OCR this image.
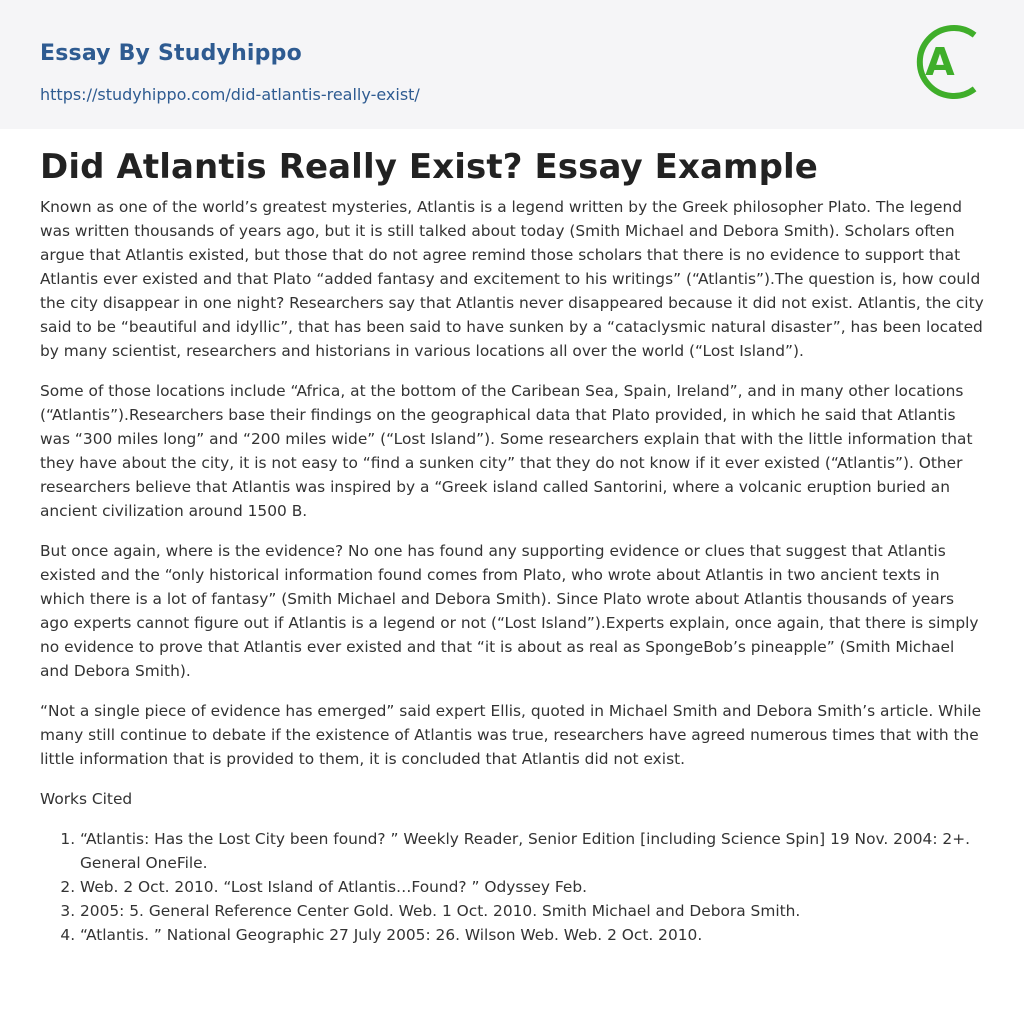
Essay By Studyhippo
https://studyhippo.com/did-atlantis-really-exist/
A
Did Atlantis Really Exist? Essay Example

Known as one of the world’s greatest mysteries, Atlantis is a legend written by the Greek philosopher Plato. The legend was written thousands of years ago, but it is still talked about today (Smith Michael and Debora Smith). Scholars often argue that Atlantis existed, but those that do not agree remind those scholars that there is no evidence to support that Atlantis ever existed and that Plato “added fantasy and excitement to his writings” (“Atlantis”).The question is, how could the city disappear in one night? Researchers say that Atlantis never disappeared because it did not exist. Atlantis, the city said to be “beautiful and idyllic”, that has been said to have sunken by a “cataclysmic natural disaster”, has been located by many scientist, researchers and historians in various locations all over the world (“Lost Island”).

Some of those locations include “Africa, at the bottom of the Caribean Sea, Spain, Ireland”, and in many other locations (“Atlantis”).Researchers base their findings on the geographical data that Plato provided, in which he said that Atlantis was “300 miles long” and “200 miles wide” (“Lost Island”). Some researchers explain that with the little information that they have about the city, it is not easy to “find a sunken city” that they do not know if it ever existed (“Atlantis”). Other researchers believe that Atlantis was inspired by a “Greek island called Santorini, where a volcanic eruption buried an ancient civilization around 1500 B.

But once again, where is the evidence? No one has found any supporting evidence or clues that suggest that Atlantis existed and the “only historical information found comes from Plato, who wrote about Atlantis in two ancient texts in which there is a lot of fantasy” (Smith Michael and Debora Smith). Since Plato wrote about Atlantis thousands of years ago experts cannot figure out if Atlantis is a legend or not (“Lost Island”).Experts explain, once again, that there is simply no evidence to prove that Atlantis ever existed and that “it is about as real as SpongeBob’s pineapple” (Smith Michael and Debora Smith).

“Not a single piece of evidence has emerged” said expert Ellis, quoted in Michael Smith and Debora Smith’s article. While many still continue to debate if the existence of Atlantis was true, researchers have agreed numerous times that with the little information that is provided to them, it is concluded that Atlantis did not exist.

Works Cited

1. “Atlantis: Has the Lost City been found? ” Weekly Reader, Senior Edition [including Science Spin] 19 Nov. 2004: 2+. General OneFile.
2. Web. 2 Oct. 2010. “Lost Island of Atlantis…Found? ” Odyssey Feb.
3. 2005: 5. General Reference Center Gold. Web. 1 Oct. 2010. Smith Michael and Debora Smith.
4. “Atlantis. ” National Geographic 27 July 2005: 26. Wilson Web. Web. 2 Oct. 2010.
